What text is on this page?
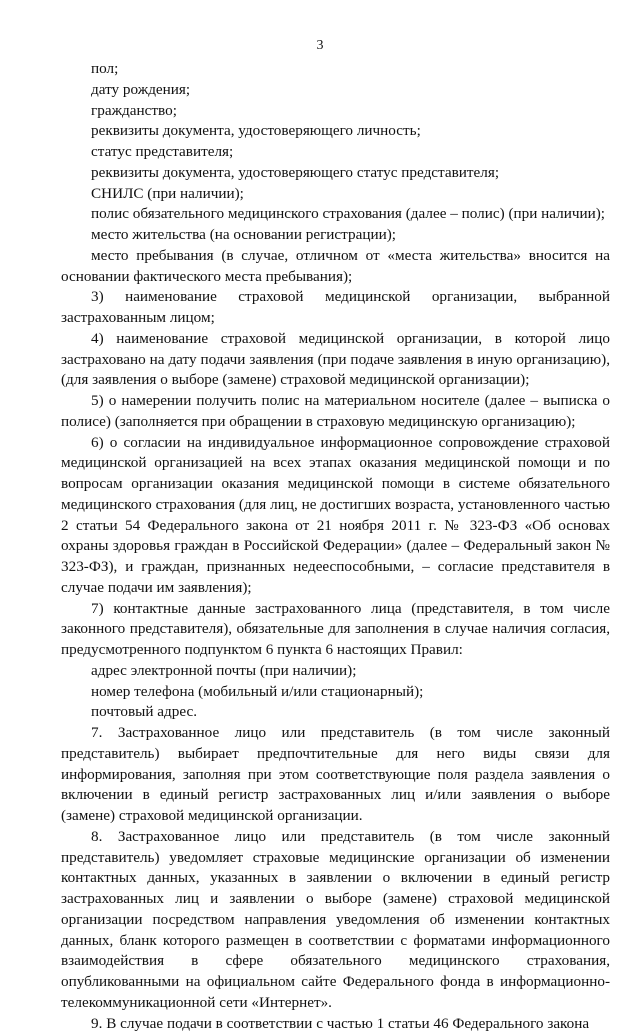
3

пол;

дату рождения;

гражданство;

реквизиты документа, удостоверяющего личность;

статус представителя;

реквизиты документа, удостоверяющего статус представителя;

СНИЛС (при наличии);

полис обязательного медицинского страхования (далее – полис) (при наличии);

место жительства (на основании регистрации);

место пребывания (в случае, отличном от «места жительства» вносится на основании фактического места пребывания);

3) наименование страховой медицинской организации, выбранной

застрахованным лицом;

4) наименование страховой медицинской организации, в которой лицо застраховано на дату подачи заявления (при подаче заявления в иную организацию), (для заявления о выборе (замене) страховой медицинской организации);

5) о намерении получить полис на материальном носителе (далее – выписка о полисе) (заполняется при обращении в страховую медицинскую организацию);

6) о согласии на индивидуальное информационное сопровождение страховой медицинской организацией на всех этапах оказания медицинской помощи и по вопросам организации оказания медицинской помощи в системе обязательного медицинского страхования (для лиц, не достигших возраста, установленного частью 2 статьи 54 Федерального закона от 21 ноября 2011 г. № 323-ФЗ «Об основах охраны здоровья граждан в Российской Федерации» (далее – Федеральный закон № 323-ФЗ), и граждан, признанных недееспособными, – согласие представителя в случае подачи им заявления);

7) контактные данные застрахованного лица (представителя, в том числе законного представителя), обязательные для заполнения в случае наличия согласия, предусмотренного подпунктом 6 пункта 6 настоящих Правил:

адрес электронной почты (при наличии);

номер телефона (мобильный и/или стационарный);

почтовый адрес.

7. Застрахованное лицо или представитель (в том числе законный представитель) выбирает предпочтительные для него виды связи для информирования, заполняя при этом соответствующие поля раздела заявления о включении в единый регистр застрахованных лиц и/или заявления о выборе (замене) страховой медицинской организации.

8. Застрахованное лицо или представитель (в том числе законный представитель) уведомляет страховые медицинские организации об изменении контактных данных, указанных в заявлении о включении в единый регистр застрахованных лиц и заявлении о выборе (замене) страховой медицинской организации посредством направления уведомления об изменении контактных данных, бланк которого размещен в соответствии с форматами информационного взаимодействия в сфере обязательного медицинского страхования, опубликованными на официальном сайте Федерального фонда в информационно-телекоммуникационной сети «Интернет».

9. В случае подачи в соответствии с частью 1 статьи 46 Федерального закона
